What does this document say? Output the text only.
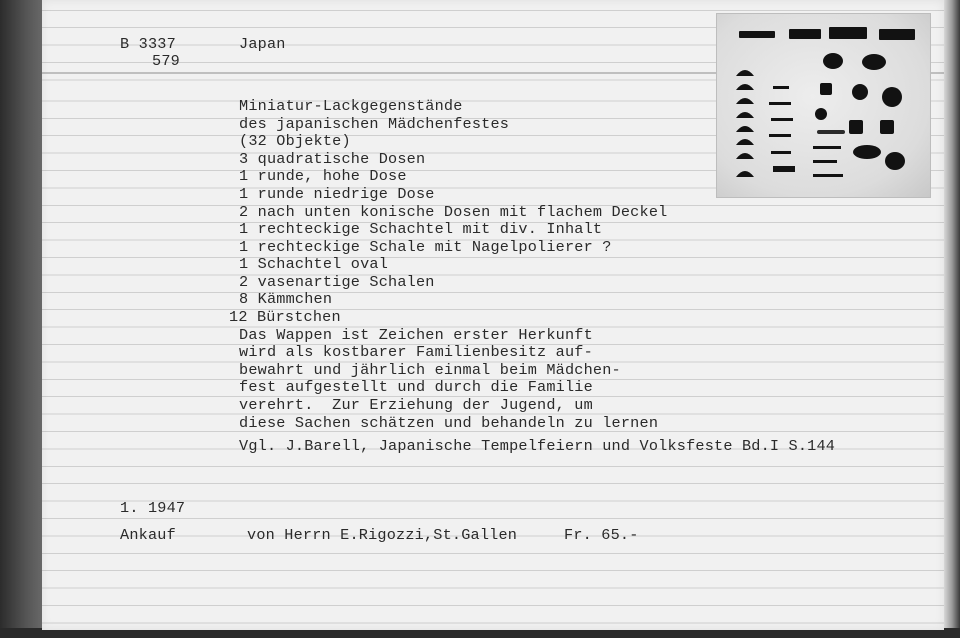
B 3337
579
Japan
Miniatur-Lackgegenstände
des japanischen Mädchenfestes
(32 Objekte)
3 quadratische Dosen
1 runde, hohe Dose
1 runde niedrige Dose
2 nach unten konische Dosen mit flachem Deckel
1 rechteckige Schachtel mit div. Inhalt
1 rechteckige Schale mit Nagelpolierer ?
1 Schachtel oval
2 vasenartige Schalen
8 Kämmchen
12 Bürstchen
Das Wappen ist Zeichen erster Herkunft
wird als kostbarer Familienbesitz auf-
bewahrt und jährlich einmal beim Mädchen-
fest aufgestellt und durch die Familie
verehrt.  Zur Erziehung der Jugend, um
diese Sachen schätzen und behandeln zu lernen
Vgl. J.Barell, Japanische Tempelfeiern und Volksfeste Bd.I S.144
1. 1947
Ankauf	von Herrn E.Rigozzi,St.Gallen	Fr. 65.-
